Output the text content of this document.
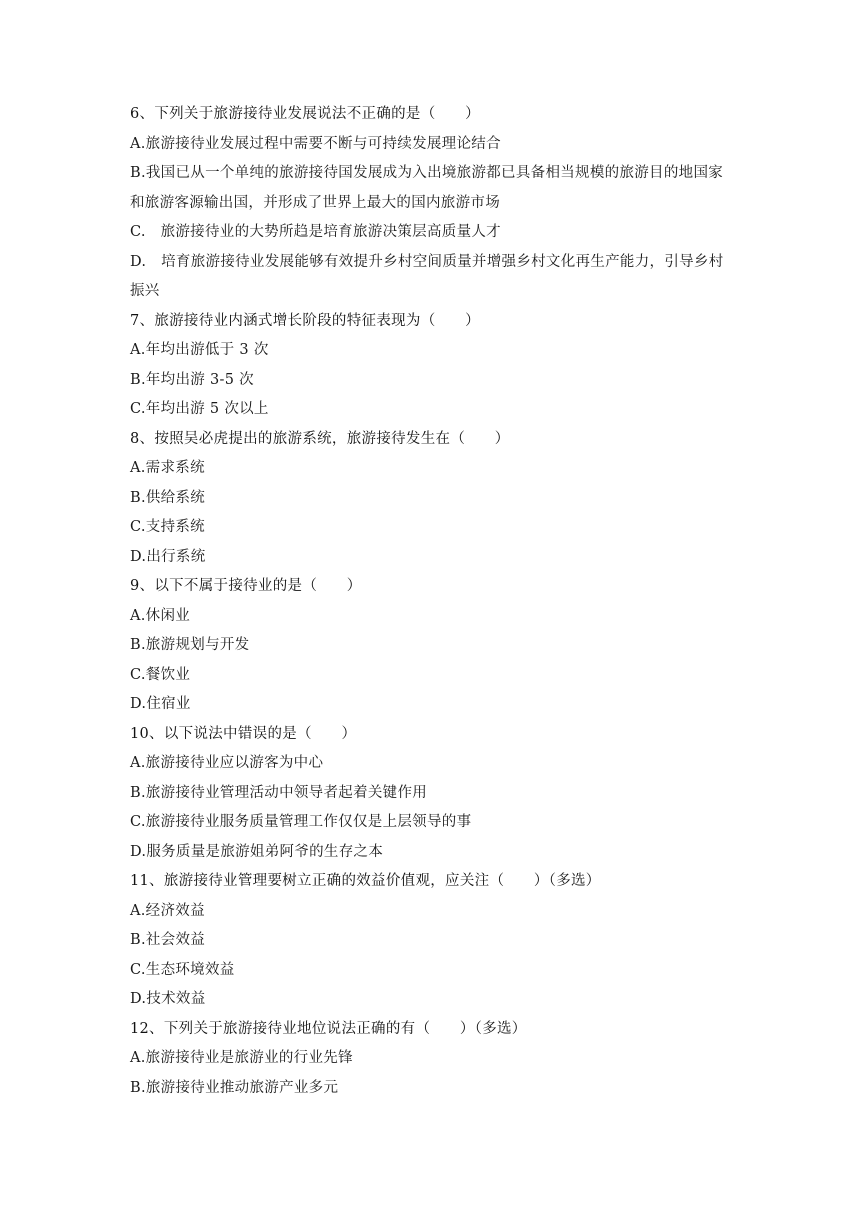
6、下列关于旅游接待业发展说法不正确的是（　　）
A.旅游接待业发展过程中需要不断与可持续发展理论结合
B.我国已从一个单纯的旅游接待国发展成为入出境旅游都已具备相当规模的旅游目的地国家和旅游客源输出国，并形成了世界上最大的国内旅游市场
C.　旅游接待业的大势所趋是培育旅游决策层高质量人才
D.　培育旅游接待业发展能够有效提升乡村空间质量并增强乡村文化再生产能力，引导乡村振兴
7、旅游接待业内涵式增长阶段的特征表现为（　　）
A.年均出游低于 3 次
B.年均出游 3-5 次
C.年均出游 5 次以上
8、按照吴必虎提出的旅游系统，旅游接待发生在（　　）
A.需求系统
B.供给系统
C.支持系统
D.出行系统
9、以下不属于接待业的是（　　）
A.休闲业
B.旅游规划与开发
C.餐饮业
D.住宿业
10、以下说法中错误的是（　　）
A.旅游接待业应以游客为中心
B.旅游接待业管理活动中领导者起着关键作用
C.旅游接待业服务质量管理工作仅仅是上层领导的事
D.服务质量是旅游姐弟阿爷的生存之本
11、旅游接待业管理要树立正确的效益价值观，应关注（　　）（多选）
A.经济效益
B.社会效益
C.生态环境效益
D.技术效益
12、下列关于旅游接待业地位说法正确的有（　　）（多选）
A.旅游接待业是旅游业的行业先锋
B.旅游接待业推动旅游产业多元
